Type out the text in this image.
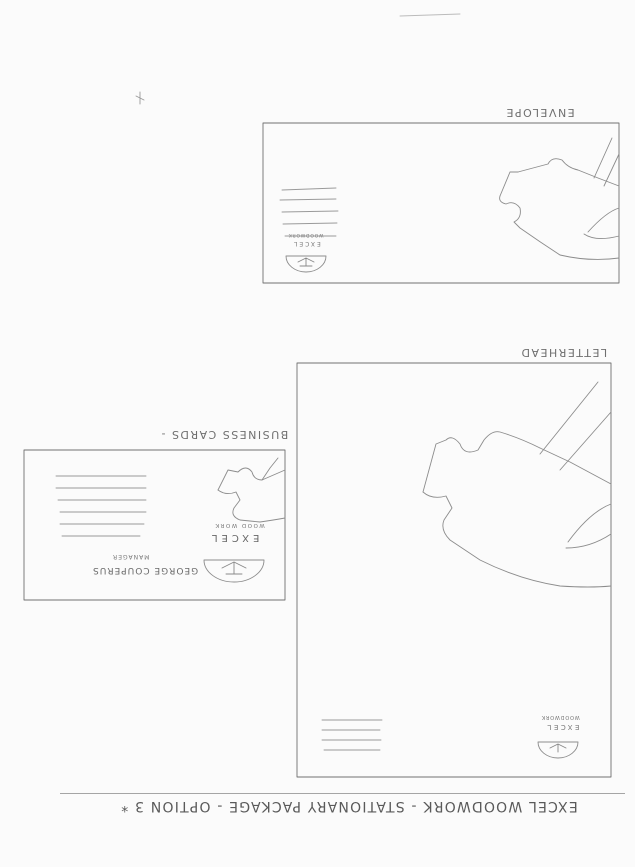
EXCEL WOODWORK - STATIONARY PACKAGE - OPTION 3 *
ENVELOPE
LETTERHEAD
BUSINESS CARDS -
GEORGE COUPERUS
MANAGER
EXCEL
WOOD WORK
EXCEL
WOODWORK
EXCEL
WOODWORK
